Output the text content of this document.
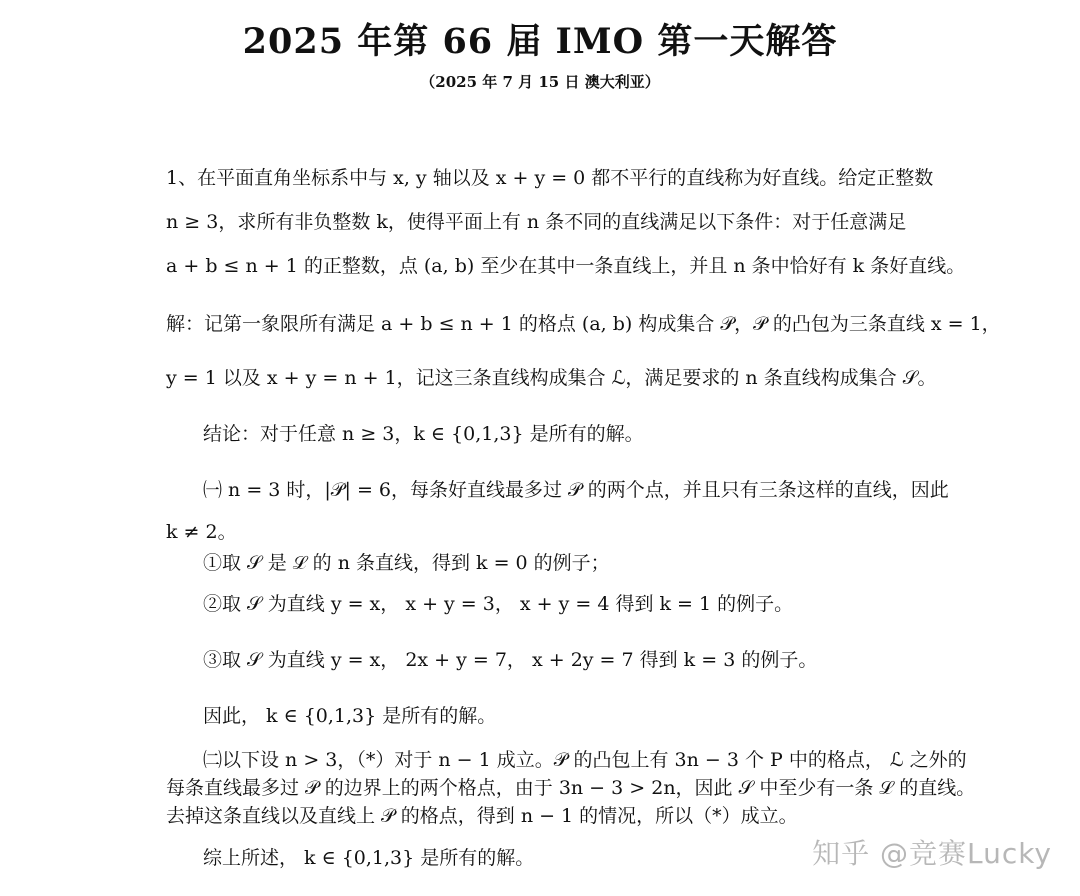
2025 年第 66 届 IMO 第一天解答
（2025 年 7 月 15 日 澳大利亚）
1、在平面直角坐标系中与 x, y 轴以及 x + y = 0 都不平行的直线称为好直线。给定正整数
n ≥ 3，求所有非负整数 k，使得平面上有 n 条不同的直线满足以下条件：对于任意满足
a + b ≤ n + 1 的正整数，点 (a, b) 至少在其中一条直线上，并且 n 条中恰好有 k 条好直线。
解：记第一象限所有满足 a + b ≤ n + 1 的格点 (a, b) 构成集合 𝒫，𝒫 的凸包为三条直线 x = 1，
y = 1 以及 x + y = n + 1，记这三条直线构成集合 ℒ，满足要求的 n 条直线构成集合 𝒮。
结论：对于任意 n ≥ 3，k ∈ {0,1,3} 是所有的解。
㈠ n = 3 时，|𝒫| = 6，每条好直线最多过 𝒫 的两个点，并且只有三条这样的直线，因此
k ≠ 2。
①取 𝒮 是 ℒ 的 n 条直线，得到 k = 0 的例子；
②取 𝒮 为直线 y = x， x + y = 3， x + y = 4 得到 k = 1 的例子。
③取 𝒮 为直线 y = x， 2x + y = 7， x + 2y = 7 得到 k = 3 的例子。
因此， k ∈ {0,1,3} 是所有的解。
㈡以下设 n > 3，（*）对于 n − 1 成立。𝒫 的凸包上有 3n − 3 个 P 中的格点， ℒ 之外的
每条直线最多过 𝒫 的边界上的两个格点，由于 3n − 3 > 2n，因此 𝒮 中至少有一条 ℒ 的直线。
去掉这条直线以及直线上 𝒫 的格点，得到 n − 1 的情况，所以（*）成立。
综上所述， k ∈ {0,1,3} 是所有的解。	知乎 @竞赛Lucky
